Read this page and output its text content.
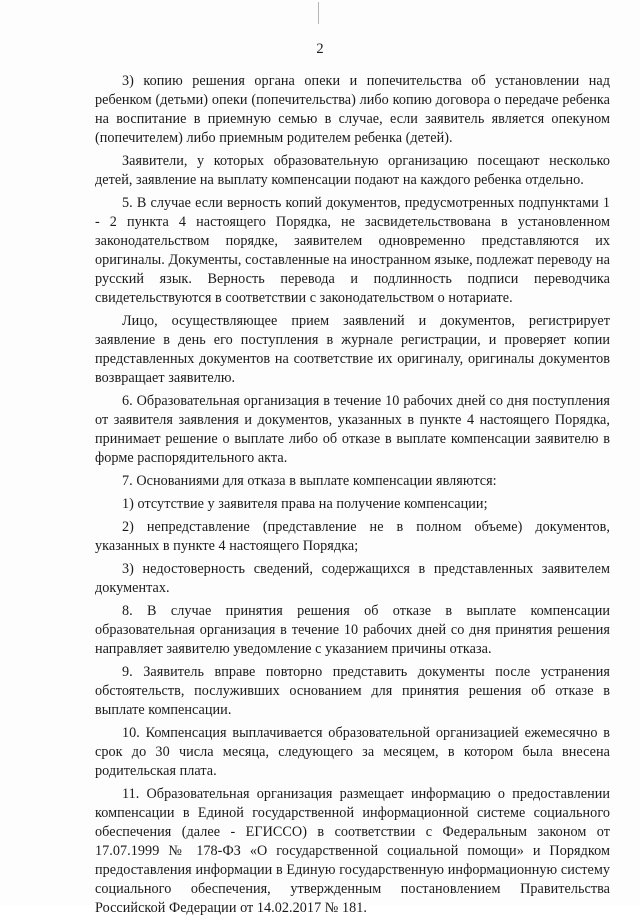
2

3) копию решения органа опеки и попечительства об установлении над ребенком (детьми) опеки (попечительства) либо копию договора о передаче ребенка на воспитание в приемную семью в случае, если заявитель является опекуном (попечителем) либо приемным родителем ребенка (детей).

Заявители, у которых образовательную организацию посещают несколько детей, заявление на выплату компенсации подают на каждого ребенка отдельно.

5. В случае если верность копий документов, предусмотренных подпунктами 1 - 2 пункта 4 настоящего Порядка, не засвидетельствована в установленном законодательством порядке, заявителем одновременно представляются их оригиналы. Документы, составленные на иностранном языке, подлежат переводу на русский язык. Верность перевода и подлинность подписи переводчика свидетельствуются в соответствии с законодательством о нотариате.

Лицо, осуществляющее прием заявлений и документов, регистрирует заявление в день его поступления в журнале регистрации, и проверяет копии представленных документов на соответствие их оригиналу, оригиналы документов возвращает заявителю.

6. Образовательная организация в течение 10 рабочих дней со дня поступления от заявителя заявления и документов, указанных в пункте 4 настоящего Порядка, принимает решение о выплате либо об отказе в выплате компенсации заявителю в форме распорядительного акта.

7. Основаниями для отказа в выплате компенсации являются:

1) отсутствие у заявителя права на получение компенсации;

2) непредставление (представление не в полном объеме) документов, указанных в пункте 4 настоящего Порядка;

3) недостоверность сведений, содержащихся в представленных заявителем документах.

8. В случае принятия решения об отказе в выплате компенсации образовательная организация в течение 10 рабочих дней со дня принятия решения направляет заявителю уведомление с указанием причины отказа.

9. Заявитель вправе повторно представить документы после устранения обстоятельств, послуживших основанием для принятия решения об отказе в выплате компенсации.

10. Компенсация выплачивается образовательной организацией ежемесячно в срок до 30 числа месяца, следующего за месяцем, в котором была внесена родительская плата.

11. Образовательная организация размещает информацию о предоставлении компенсации в Единой государственной информационной системе социального обеспечения (далее - ЕГИССО) в соответствии с Федеральным законом от 17.07.1999 № 178-ФЗ «О государственной социальной помощи» и Порядком предоставления информации в Единую государственную информационную систему социального обеспечения, утвержденным постановлением Правительства Российской Федерации от 14.02.2017 № 181.
